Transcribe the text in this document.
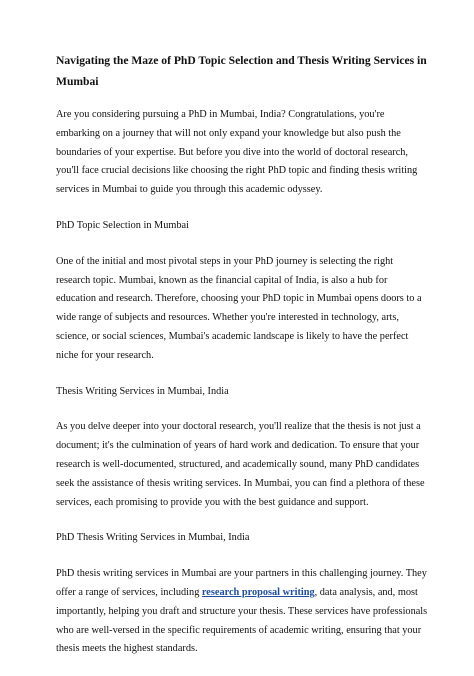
Navigating the Maze of PhD Topic Selection and Thesis Writing Services in Mumbai

Are you considering pursuing a PhD in Mumbai, India? Congratulations, you're embarking on a journey that will not only expand your knowledge but also push the boundaries of your expertise. But before you dive into the world of doctoral research, you'll face crucial decisions like choosing the right PhD topic and finding thesis writing services in Mumbai to guide you through this academic odyssey.

PhD Topic Selection in Mumbai

One of the initial and most pivotal steps in your PhD journey is selecting the right research topic. Mumbai, known as the financial capital of India, is also a hub for education and research. Therefore, choosing your PhD topic in Mumbai opens doors to a wide range of subjects and resources. Whether you're interested in technology, arts, science, or social sciences, Mumbai's academic landscape is likely to have the perfect niche for your research.

Thesis Writing Services in Mumbai, India

As you delve deeper into your doctoral research, you'll realize that the thesis is not just a document; it's the culmination of years of hard work and dedication. To ensure that your research is well-documented, structured, and academically sound, many PhD candidates seek the assistance of thesis writing services. In Mumbai, you can find a plethora of these services, each promising to provide you with the best guidance and support.

PhD Thesis Writing Services in Mumbai, India

PhD thesis writing services in Mumbai are your partners in this challenging journey. They offer a range of services, including research proposal writing, data analysis, and, most importantly, helping you draft and structure your thesis. These services have professionals who are well-versed in the specific requirements of academic writing, ensuring that your thesis meets the highest standards.
